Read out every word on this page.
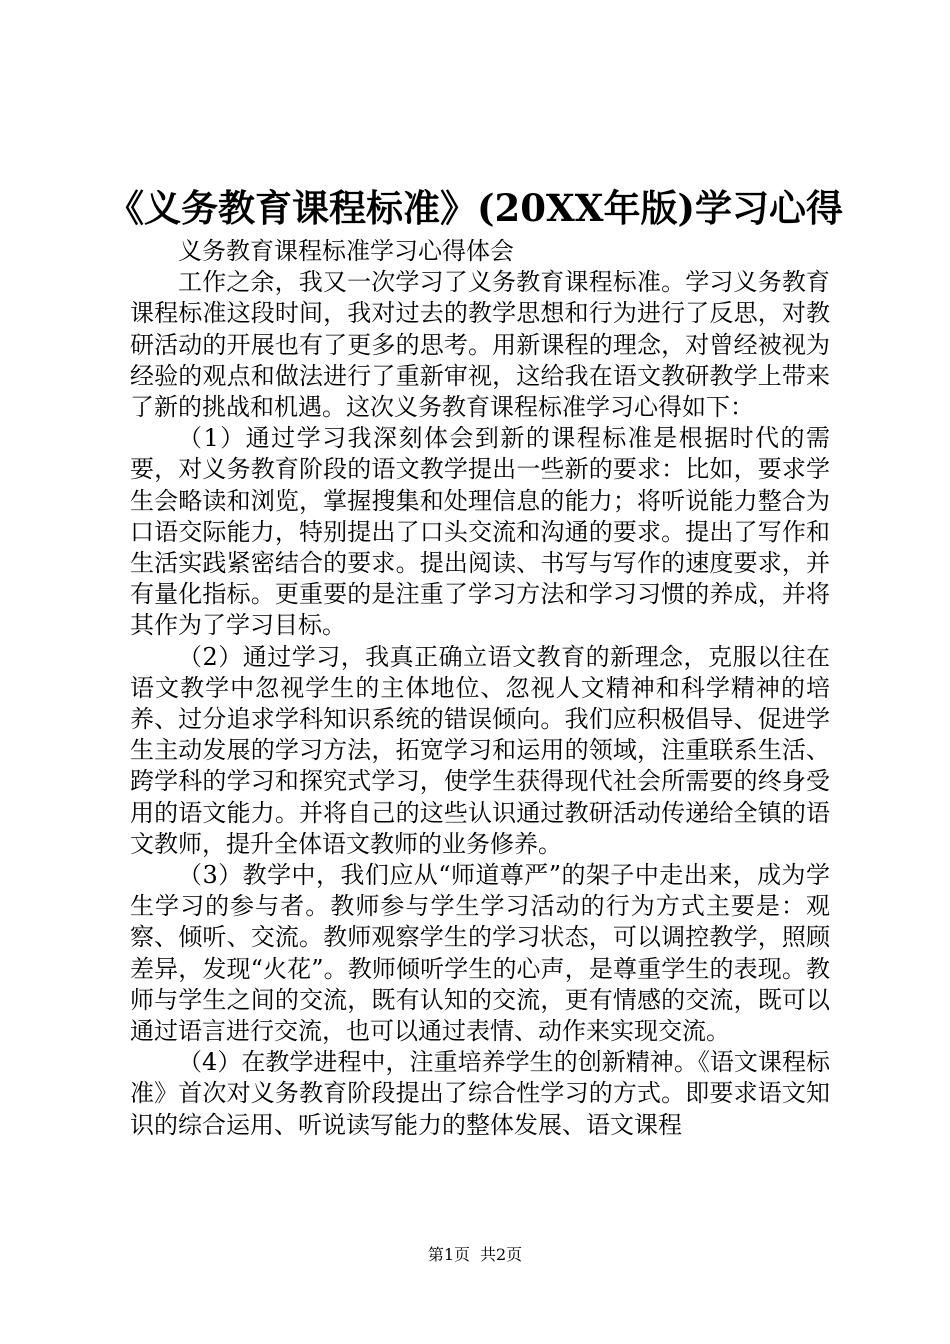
《义务教育课程标准》(20XX年版)学习心得

义务教育课程标准学习心得体会

工作之余，我又一次学习了义务教育课程标准。学习义务教育课程标准这段时间，我对过去的教学思想和行为进行了反思，对教研活动的开展也有了更多的思考。用新课程的理念，对曾经被视为经验的观点和做法进行了重新审视，这给我在语文教研教学上带来了新的挑战和机遇。这次义务教育课程标准学习心得如下：

（1）通过学习我深刻体会到新的课程标准是根据时代的需要，对义务教育阶段的语文教学提出一些新的要求：比如，要求学生会略读和浏览，掌握搜集和处理信息的能力；将听说能力整合为口语交际能力，特别提出了口头交流和沟通的要求。提出了写作和生活实践紧密结合的要求。提出阅读、书写与写作的速度要求，并有量化指标。更重要的是注重了学习方法和学习习惯的养成，并将其作为了学习目标。

（2）通过学习，我真正确立语文教育的新理念，克服以往在语文教学中忽视学生的主体地位、忽视人文精神和科学精神的培养、过分追求学科知识系统的错误倾向。我们应积极倡导、促进学生主动发展的学习方法，拓宽学习和运用的领域，注重联系生活、跨学科的学习和探究式学习，使学生获得现代社会所需要的终身受用的语文能力。并将自己的这些认识通过教研活动传递给全镇的语文教师，提升全体语文教师的业务修养。

（3）教学中，我们应从“师道尊严”的架子中走出来，成为学生学习的参与者。教师参与学生学习活动的行为方式主要是：观察、倾听、交流。教师观察学生的学习状态，可以调控教学，照顾差异，发现“火花”。教师倾听学生的心声，是尊重学生的表现。教师与学生之间的交流，既有认知的交流，更有情感的交流，既可以通过语言进行交流，也可以通过表情、动作来实现交流。

（4）在教学进程中，注重培养学生的创新精神。《语文课程标准》首次对义务教育阶段提出了综合性学习的方式。即要求语文知识的综合运用、听说读写能力的整体发展、语文课程

第1页 共2页
